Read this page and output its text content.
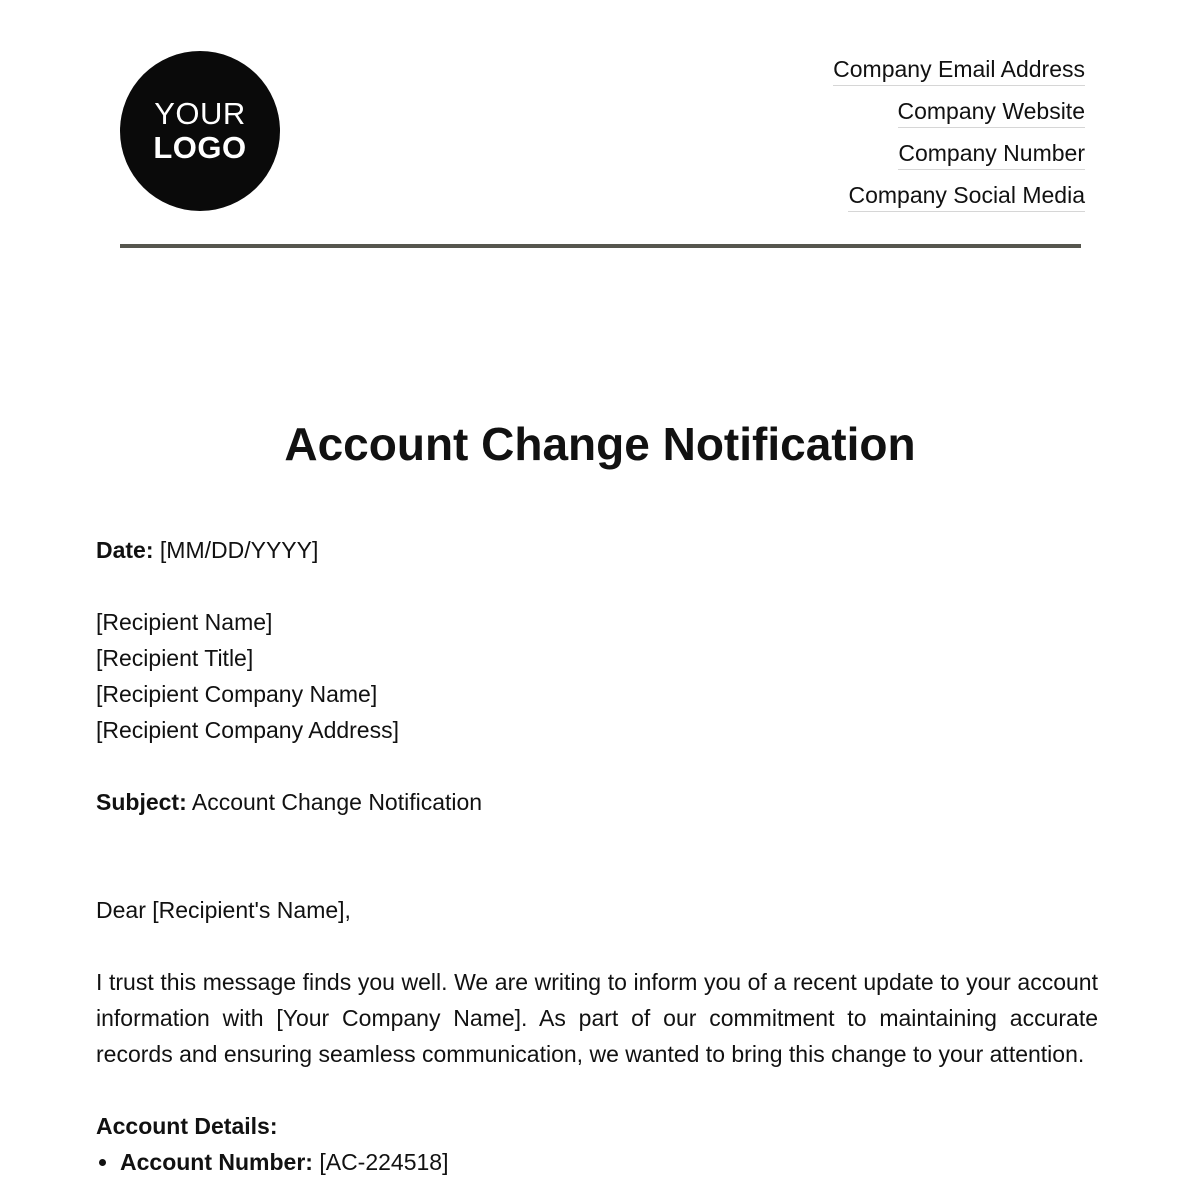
YOUR
LOGO
Company Email Address
Company Website
Company Number
Company Social Media
Account Change Notification

Date: [MM/DD/YYYY]

[Recipient Name]

[Recipient Title]

[Recipient Company Name]

[Recipient Company Address]

Subject: Account Change Notification

Dear [Recipient's Name],

I trust this message finds you well. We are writing to inform you of a recent update to your account information with [Your Company Name]. As part of our commitment to maintaining accurate records and ensuring seamless communication, we wanted to bring this change to your attention.

Account Details:

• Account Number: [AC-224518]
